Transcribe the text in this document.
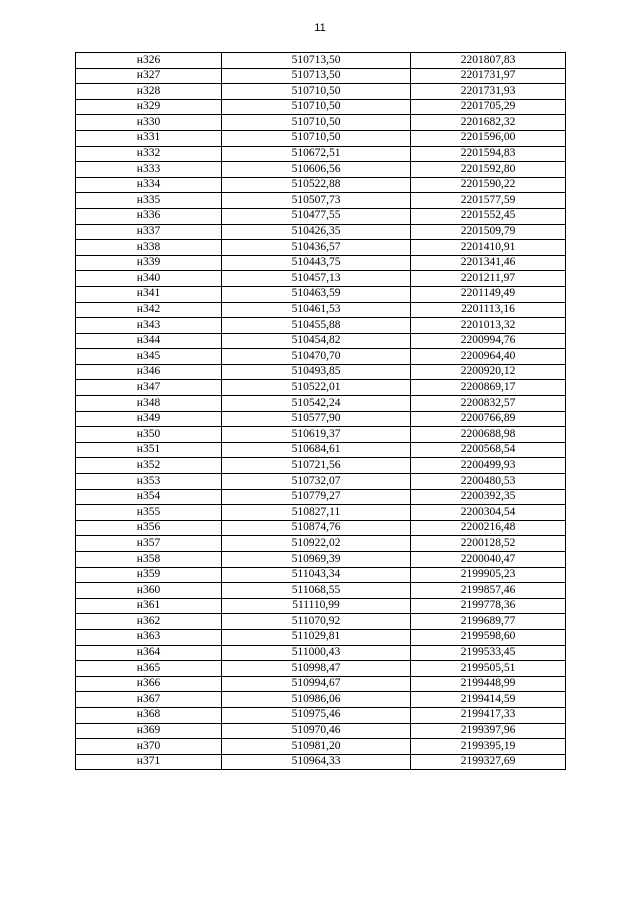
11
н326	510713,50	2201807,83
н327	510713,50	2201731,97
н328	510710,50	2201731,93
н329	510710,50	2201705,29
н330	510710,50	2201682,32
н331	510710,50	2201596,00
н332	510672,51	2201594,83
н333	510606,56	2201592,80
н334	510522,88	2201590,22
н335	510507,73	2201577,59
н336	510477,55	2201552,45
н337	510426,35	2201509,79
н338	510436,57	2201410,91
н339	510443,75	2201341,46
н340	510457,13	2201211,97
н341	510463,59	2201149,49
н342	510461,53	2201113,16
н343	510455,88	2201013,32
н344	510454,82	2200994,76
н345	510470,70	2200964,40
н346	510493,85	2200920,12
н347	510522,01	2200869,17
н348	510542,24	2200832,57
н349	510577,90	2200766,89
н350	510619,37	2200688,98
н351	510684,61	2200568,54
н352	510721,56	2200499,93
н353	510732,07	2200480,53
н354	510779,27	2200392,35
н355	510827,11	2200304,54
н356	510874,76	2200216,48
н357	510922,02	2200128,52
н358	510969,39	2200040,47
н359	511043,34	2199905,23
н360	511068,55	2199857,46
н361	511110,99	2199778,36
н362	511070,92	2199689,77
н363	511029,81	2199598,60
н364	511000,43	2199533,45
н365	510998,47	2199505,51
н366	510994,67	2199448,99
н367	510986,06	2199414,59
н368	510975,46	2199417,33
н369	510970,46	2199397,96
н370	510981,20	2199395,19
н371	510964,33	2199327,69
